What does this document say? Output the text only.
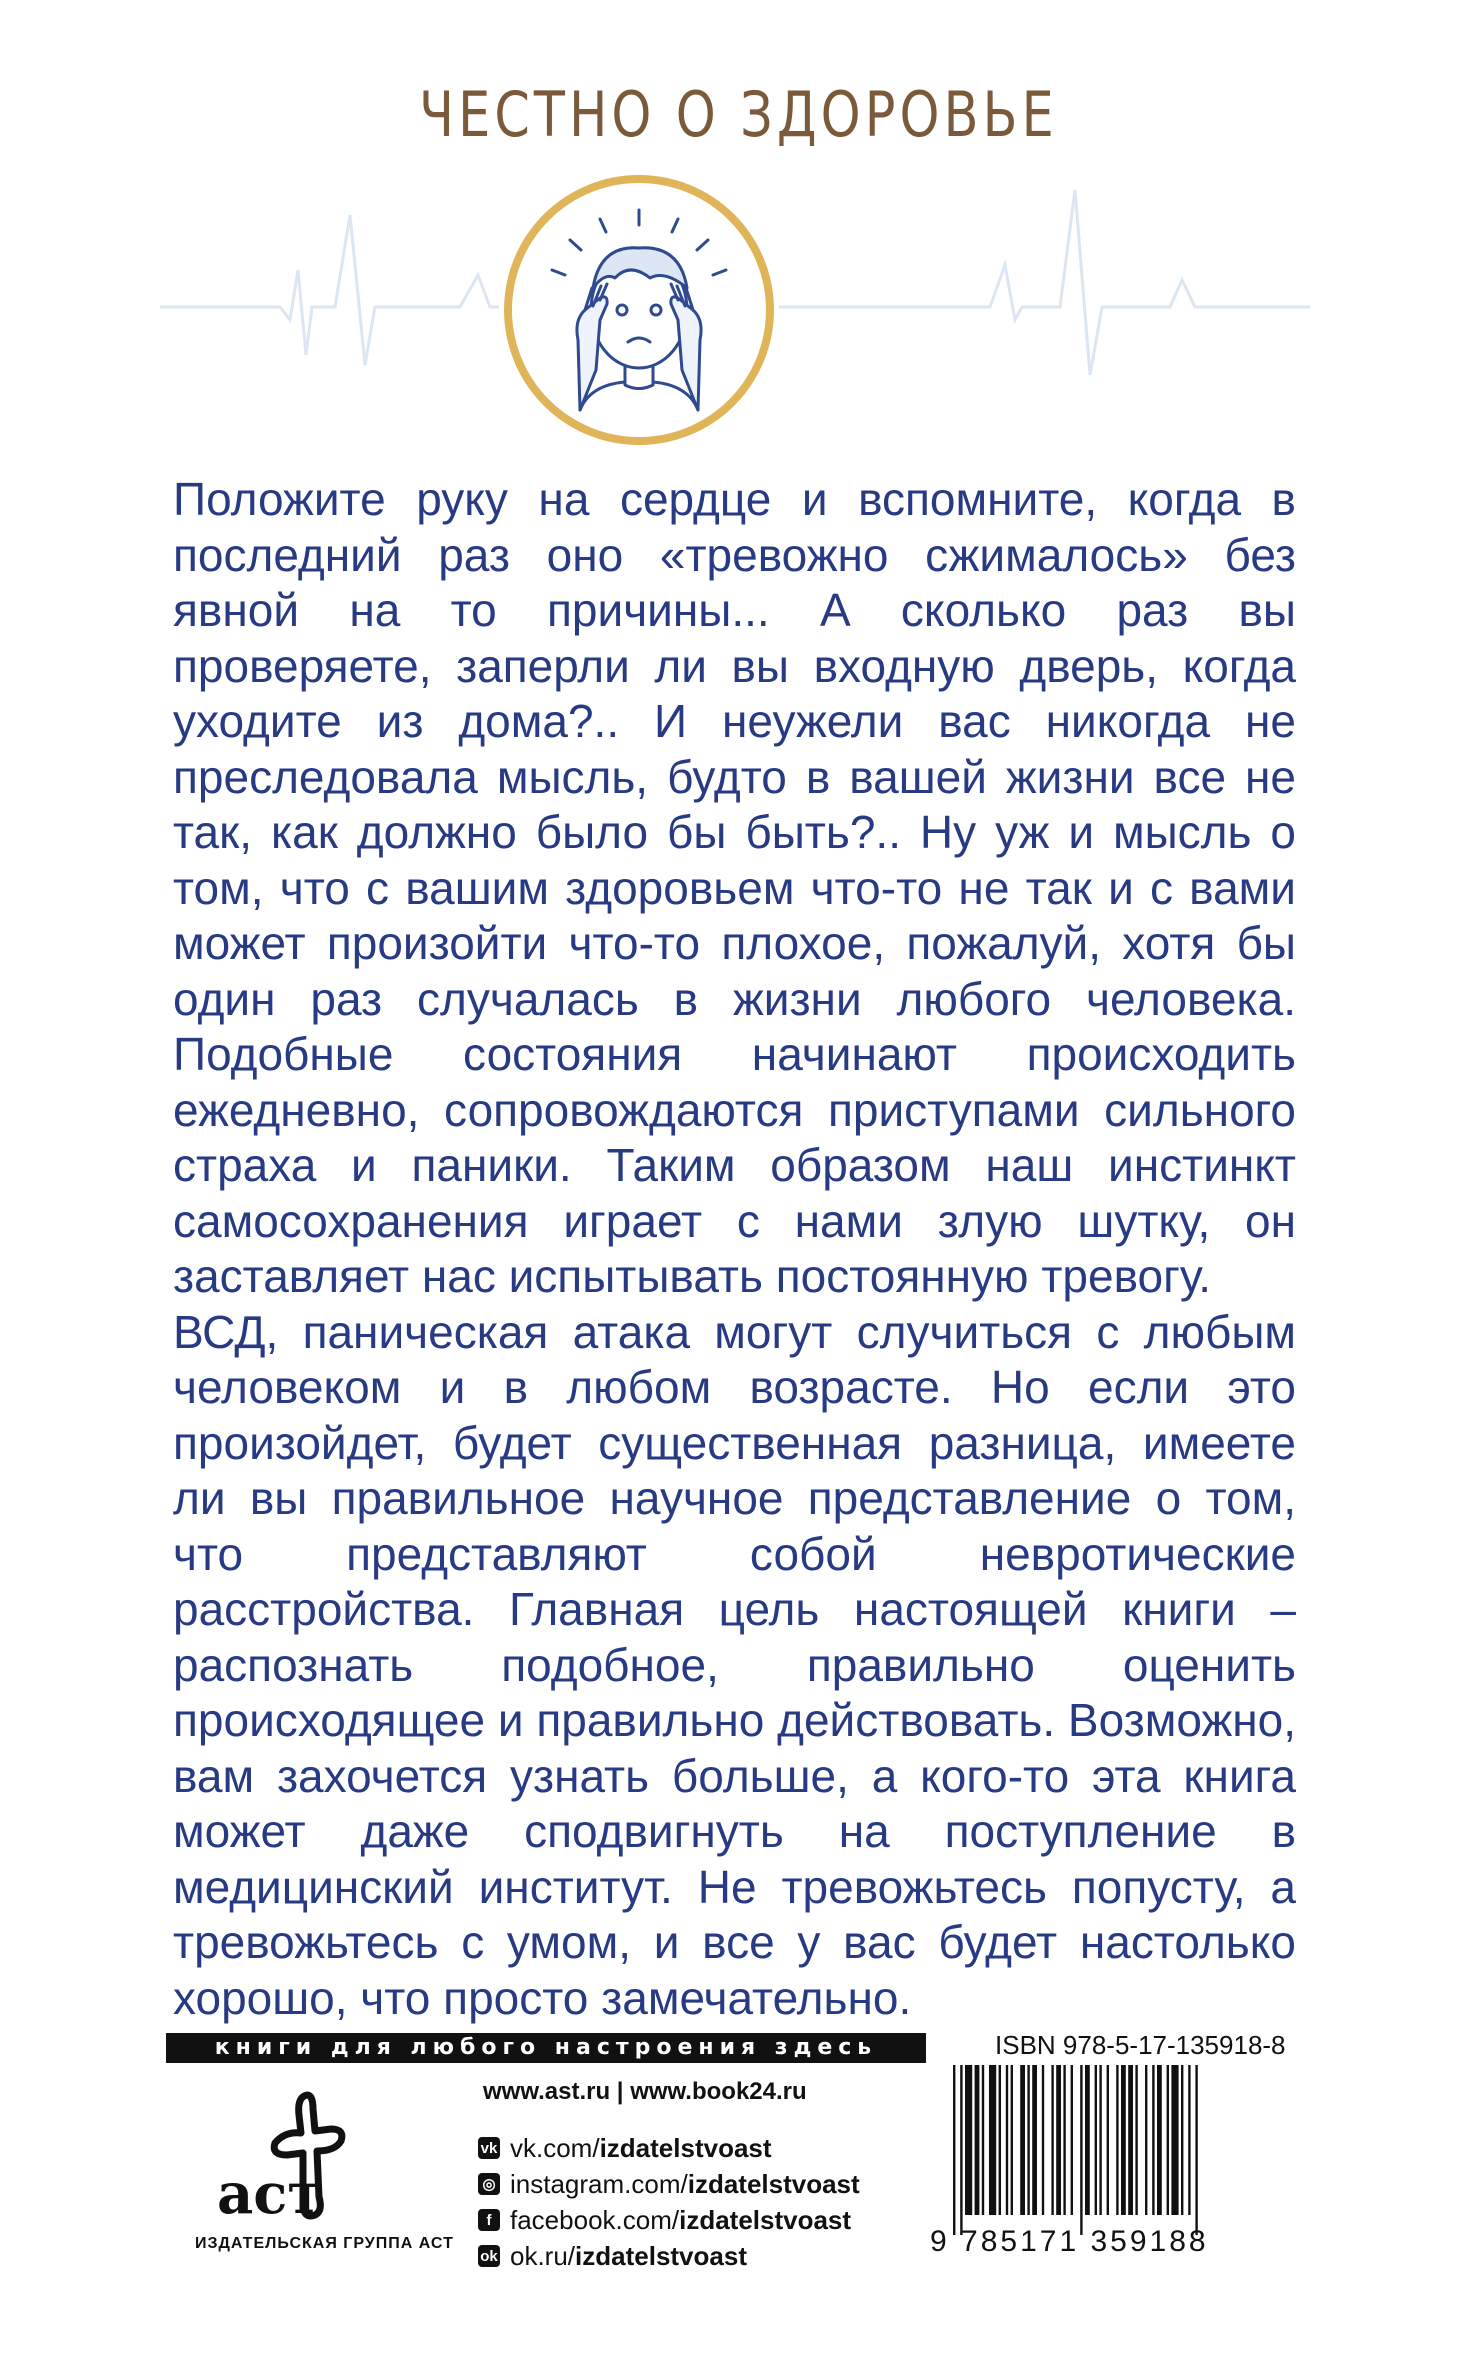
ЧЕСТНО О ЗДОРОВЬЕ

Положите руку на сердце и вспомните, когда в последний раз оно «тревожно сжималось» без явной на то причины... А сколько раз вы проверяете, заперли ли вы входную дверь, когда уходите из дома?.. И неужели вас никогда не преследовала мысль, будто в вашей жизни все не так, как должно было бы быть?.. Ну уж и мысль о том, что с вашим здоровьем что-то не так и с вами может произойти что-то плохое, пожалуй, хотя бы один раз случалась в жизни любого человека. Подобные состояния начинают происходить ежедневно, сопровождаются приступами сильного страха и паники. Таким образом наш инстинкт самосохранения играет с нами злую шутку, он заставляет нас испытывать постоянную тревогу.

ВСД, паническая атака могут случиться с любым человеком и в любом возрасте. Но если это произойдет, будет существенная разница, имеете ли вы правильное научное представление о том, что представляют собой невротические расстройства. Главная цель настоящей книги – распознать подобное, правильно оценить происходящее и правильно действовать. Возможно, вам захочется узнать больше, а кого-то эта книга может даже сподвигнуть на поступление в медицинский институт. Не тревожьтесь попусту, а тревожьтесь с умом, и все у вас будет настолько хорошо, что просто замечательно.

книги для любого настроения здесь
аст
ИЗДАТЕЛЬСКАЯ ГРУППА АСТ
www.ast.ru | www.book24.ru
vk vk.com/ izdatelstvoast
◎ instagram.com/ izdatelstvoast
f facebook.com/ izdatelstvoast
ok ok.ru/ izdatelstvoast
ISBN 978-5-17-135918-8
9 785171 359188
